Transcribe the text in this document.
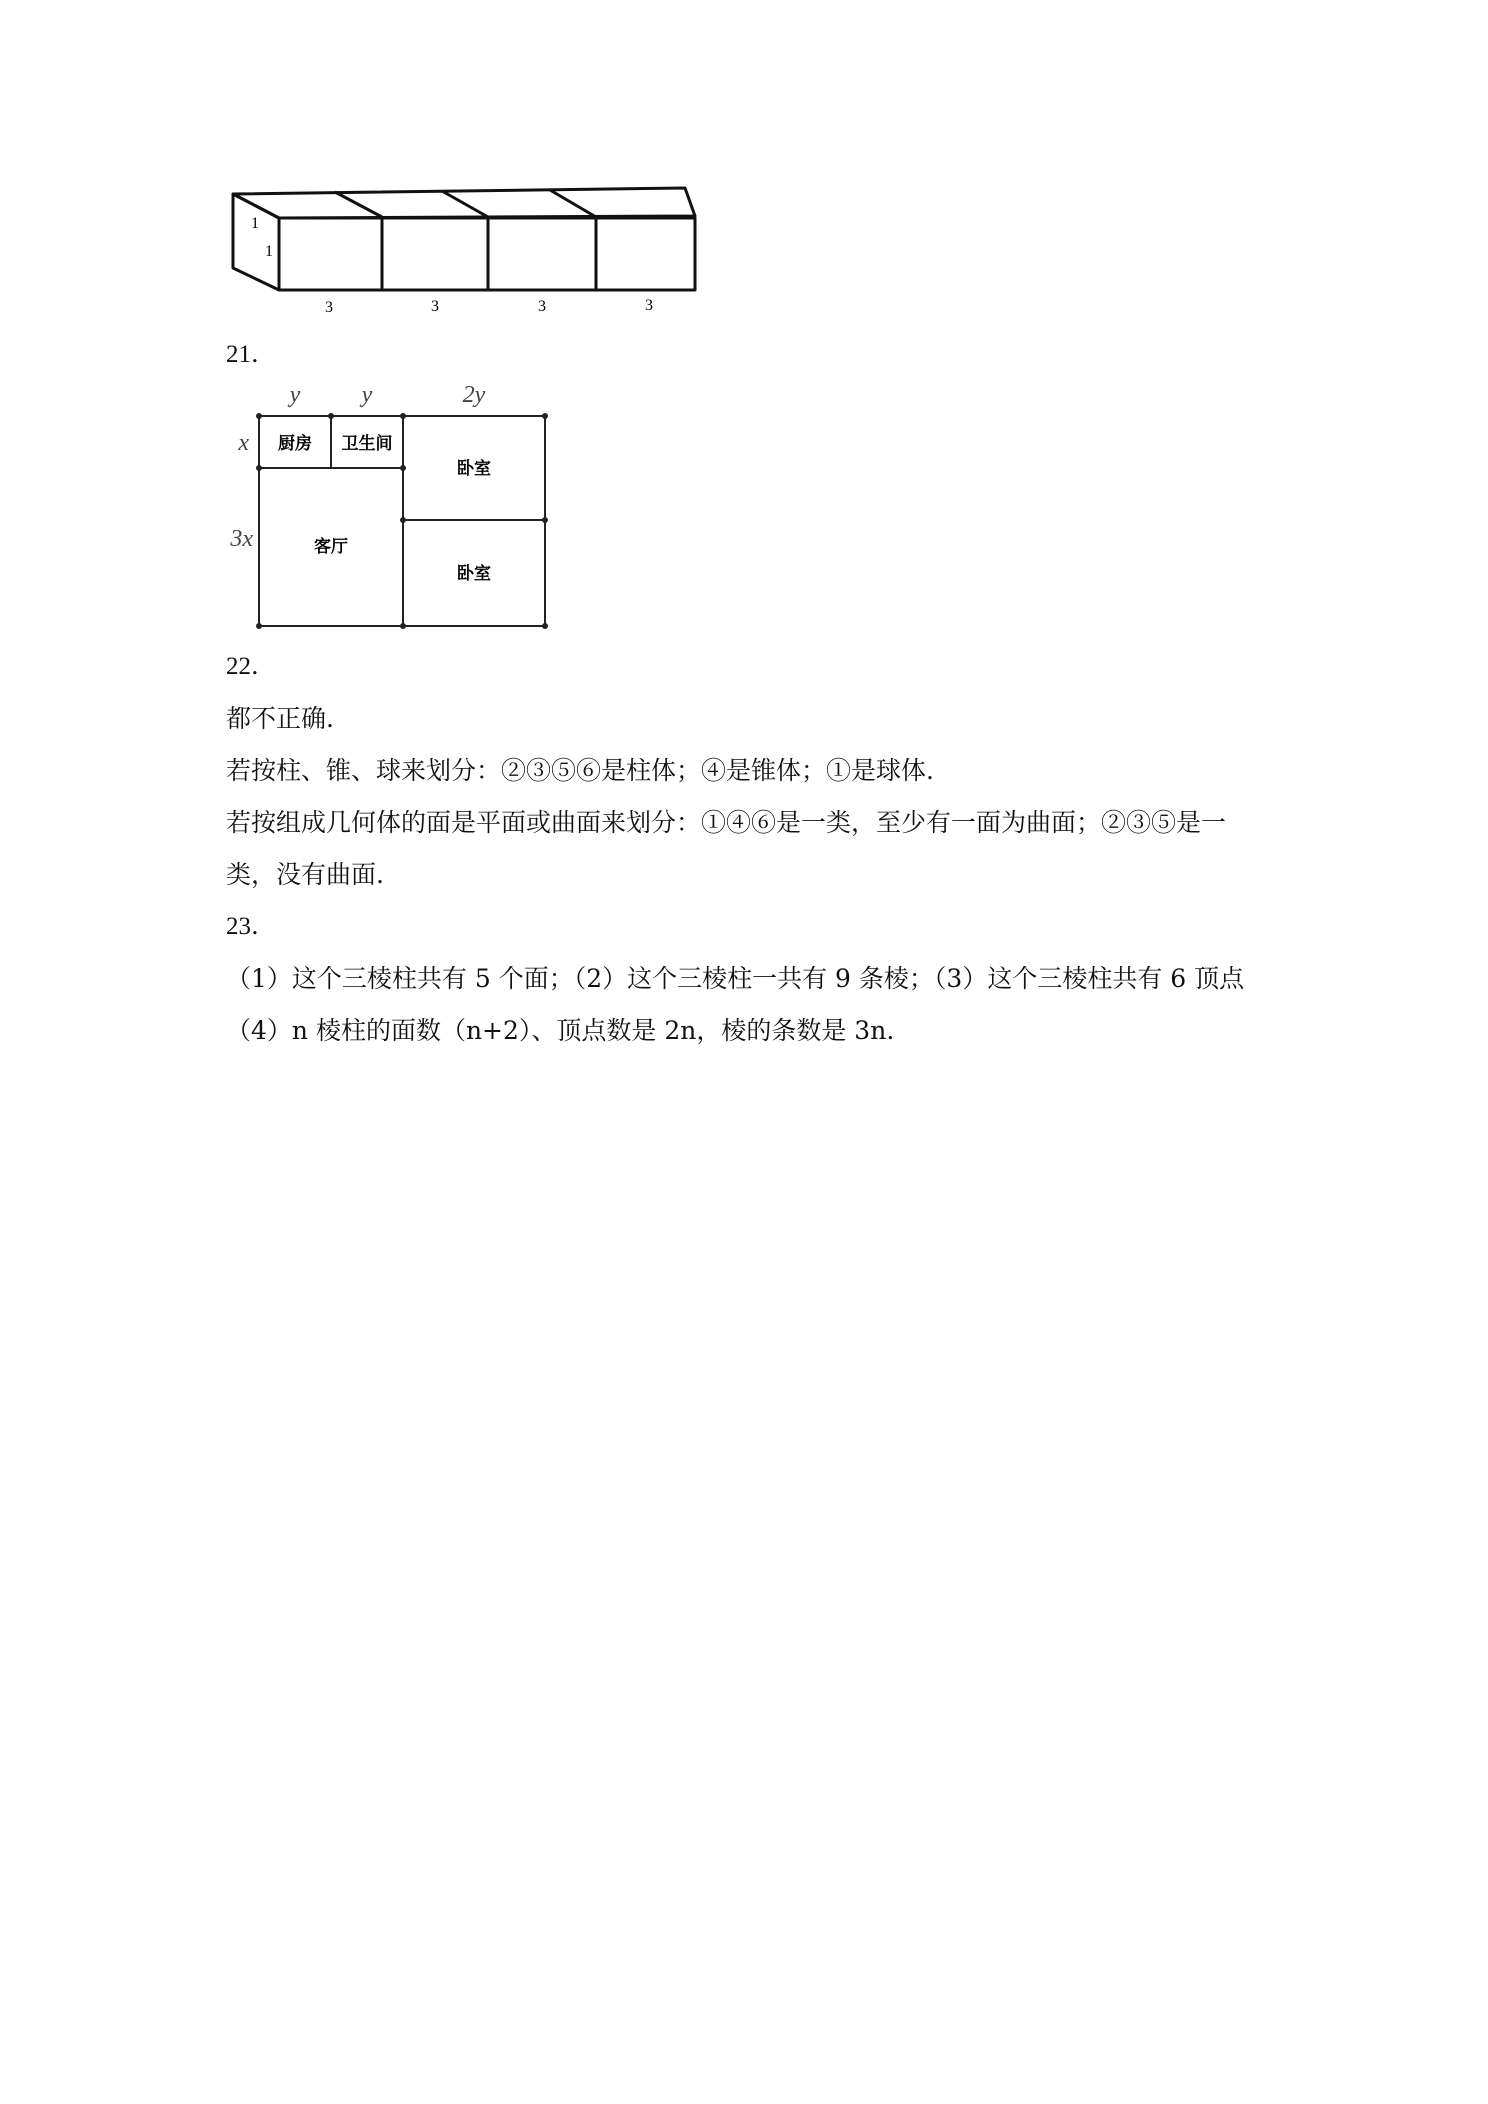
1
1
3	3	3	3
21．
y	y	2y
x
3x
厨房 卫生间
卧室
客厅
卧室
22．
都不正确.
若按柱、锥、球来划分：②③⑤⑥是柱体；④是锥体；①是球体.
若按组成几何体的面是平面或曲面来划分：①④⑥是一类，至少有一面为曲面；②③⑤是一
类，没有曲面.
23．
（1）这个三棱柱共有 5 个面；（2）这个三棱柱一共有 9 条棱；（3）这个三棱柱共有 6 顶点
（4）n 棱柱的面数（n+2）、顶点数是 2n，棱的条数是 3n.
